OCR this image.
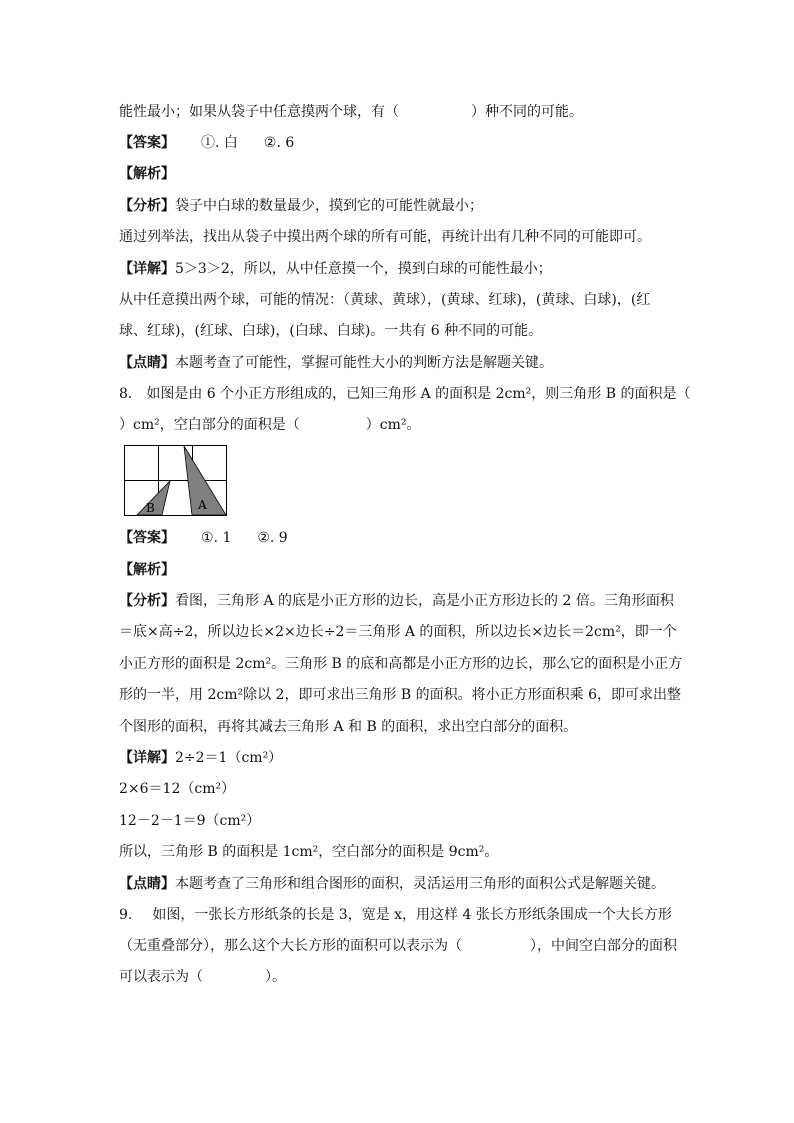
能性最小；如果从袋子中任意摸两个球，有（	）种不同的可能。
【答案】 ①. 白 ②. 6
【解析】
【分析】袋子中白球的数量最少，摸到它的可能性就最小；
通过列举法，找出从袋子中摸出两个球的所有可能，再统计出有几种不同的可能即可。
【详解】5＞3＞2，所以，从中任意摸一个，摸到白球的可能性最小；
从中任意摸出两个球，可能的情况：（黄球、黄球），(黄球、红球)，(黄球、白球)，(红
球、红球)，(红球、白球)，(白球、白球)。一共有 6 种不同的可能。
【点睛】本题考查了可能性，掌握可能性大小的判断方法是解题关键。
8. 如图是由 6 个小正方形组成的，已知三角形 A 的面积是 2cm²，则三角形 B 的面积是（
）cm²，空白部分的面积是（	）cm²。
B	A
【答案】 ①. 1 ②. 9
【解析】
【分析】看图，三角形 A 的底是小正方形的边长，高是小正方形边长的 2 倍。三角形面积
＝底×高÷2，所以边长×2×边长÷2＝三角形 A 的面积，所以边长×边长＝2cm²，即一个
小正方形的面积是 2cm²。三角形 B 的底和高都是小正方形的边长，那么它的面积是小正方
形的一半，用 2cm²除以 2，即可求出三角形 B 的面积。将小正方形面积乘 6，即可求出整
个图形的面积，再将其减去三角形 A 和 B 的面积，求出空白部分的面积。
【详解】2÷2＝1（cm²）
2×6＝12（cm²）
12－2－1＝9（cm²）
所以，三角形 B 的面积是 1cm²，空白部分的面积是 9cm²。
【点睛】本题考查了三角形和组合图形的面积，灵活运用三角形的面积公式是解题关键。
9. 如图，一张长方形纸条的长是 3，宽是 x，用这样 4 张长方形纸条围成一个大长方形
（无重叠部分），那么这个大长方形的面积可以表示为（	），中间空白部分的面积
可以表示为（	）。
